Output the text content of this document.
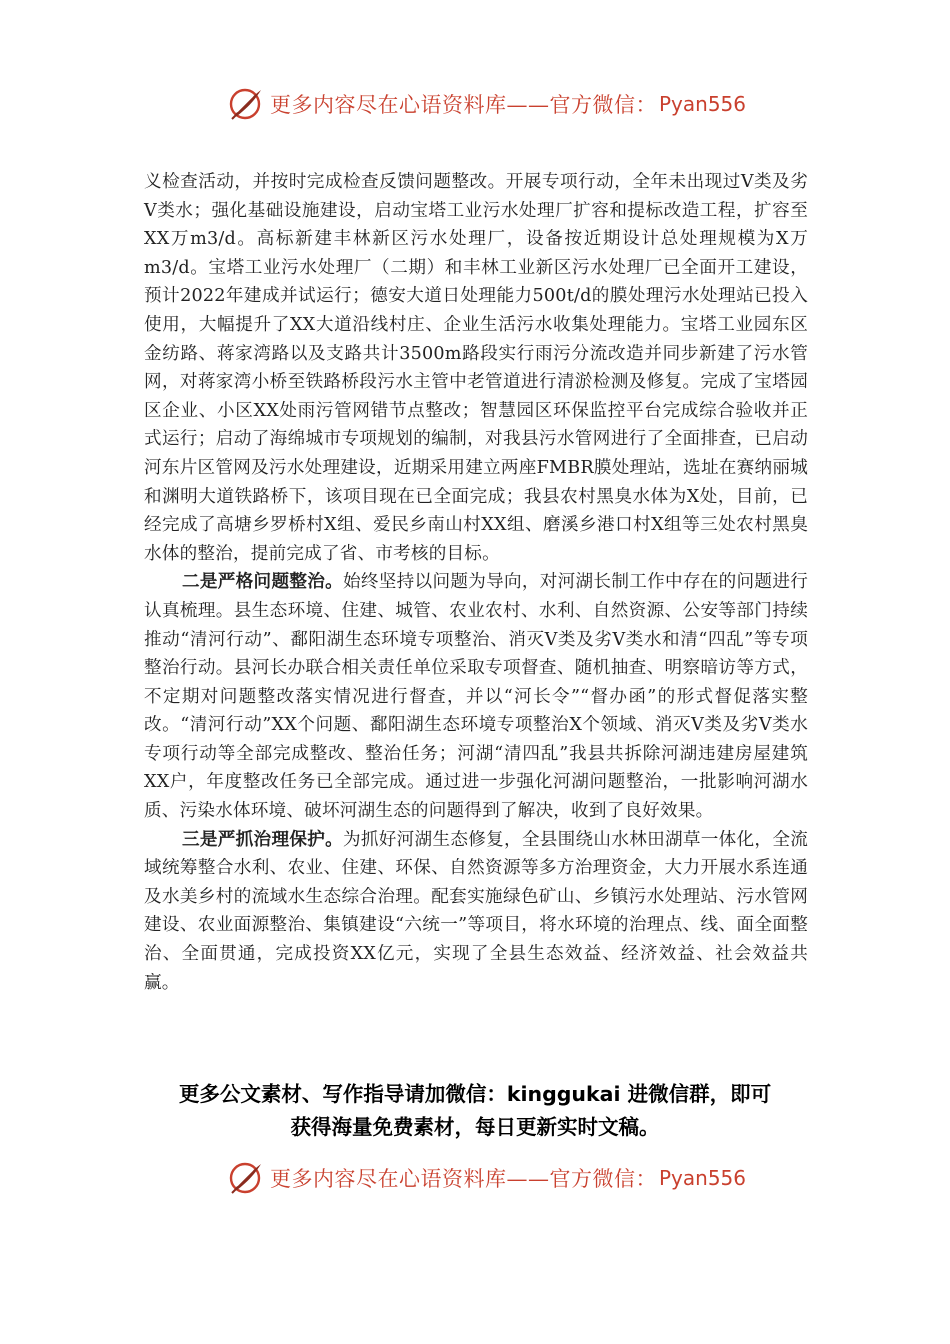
更多内容尽在心语资料库——官方微信： Pyan556

义检查活动，并按时完成检查反馈问题整改。开展专项行动，全年未出现过Ⅴ类及劣Ⅴ类水；强化基础设施建设，启动宝塔工业污水处理厂扩容和提标改造工程，扩容至XX万m3/d。高标新建丰林新区污水处理厂，设备按近期设计总处理规模为X万m3/d。宝塔工业污水处理厂（二期）和丰林工业新区污水处理厂已全面开工建设，预计2022年建成并试运行；德安大道日处理能力500t/d的膜处理污水处理站已投入使用，大幅提升了XX大道沿线村庄、企业生活污水收集处理能力。宝塔工业园东区金纺路、蒋家湾路以及支路共计3500m路段实行雨污分流改造并同步新建了污水管网，对蒋家湾小桥至铁路桥段污水主管中老管道进行清淤检测及修复。完成了宝塔园区企业、小区XX处雨污管网错节点整改；智慧园区环保监控平台完成综合验收并正式运行；启动了海绵城市专项规划的编制，对我县污水管网进行了全面排查，已启动河东片区管网及污水处理建设，近期采用建立两座FMBR膜处理站，选址在赛纳丽城和渊明大道铁路桥下，该项目现在已全面完成；我县农村黑臭水体为X处，目前，已经完成了高塘乡罗桥村X组、爱民乡南山村XX组、磨溪乡港口村X组等三处农村黑臭水体的整治，提前完成了省、市考核的目标。

二是严格问题整治。始终坚持以问题为导向，对河湖长制工作中存在的问题进行认真梳理。县生态环境、住建、城管、农业农村、水利、自然资源、公安等部门持续推动“清河行动”、鄱阳湖生态环境专项整治、消灭Ⅴ类及劣Ⅴ类水和清“四乱”等专项整治行动。县河长办联合相关责任单位采取专项督查、随机抽查、明察暗访等方式，不定期对问题整改落实情况进行督查，并以“河长令”“督办函”的形式督促落实整改。“清河行动”XX个问题、鄱阳湖生态环境专项整治X个领域、消灭Ⅴ类及劣Ⅴ类水专项行动等全部完成整改、整治任务；河湖“清四乱”我县共拆除河湖违建房屋建筑XX户，年度整改任务已全部完成。通过进一步强化河湖问题整治，一批影响河湖水质、污染水体环境、破坏河湖生态的问题得到了解决，收到了良好效果。

三是严抓治理保护。为抓好河湖生态修复，全县围绕山水林田湖草一体化，全流域统筹整合水利、农业、住建、环保、自然资源等多方治理资金，大力开展水系连通及水美乡村的流域水生态综合治理。配套实施绿色矿山、乡镇污水处理站、污水管网建设、农业面源整治、集镇建设“六统一”等项目，将水环境的治理点、线、面全面整治、全面贯通，完成投资XX亿元，实现了全县生态效益、经济效益、社会效益共赢。

更多公文素材、写作指导请加微信：kinggukai 进微信群，即可
获得海量免费素材，每日更新实时文稿。
更多内容尽在心语资料库——官方微信： Pyan556
